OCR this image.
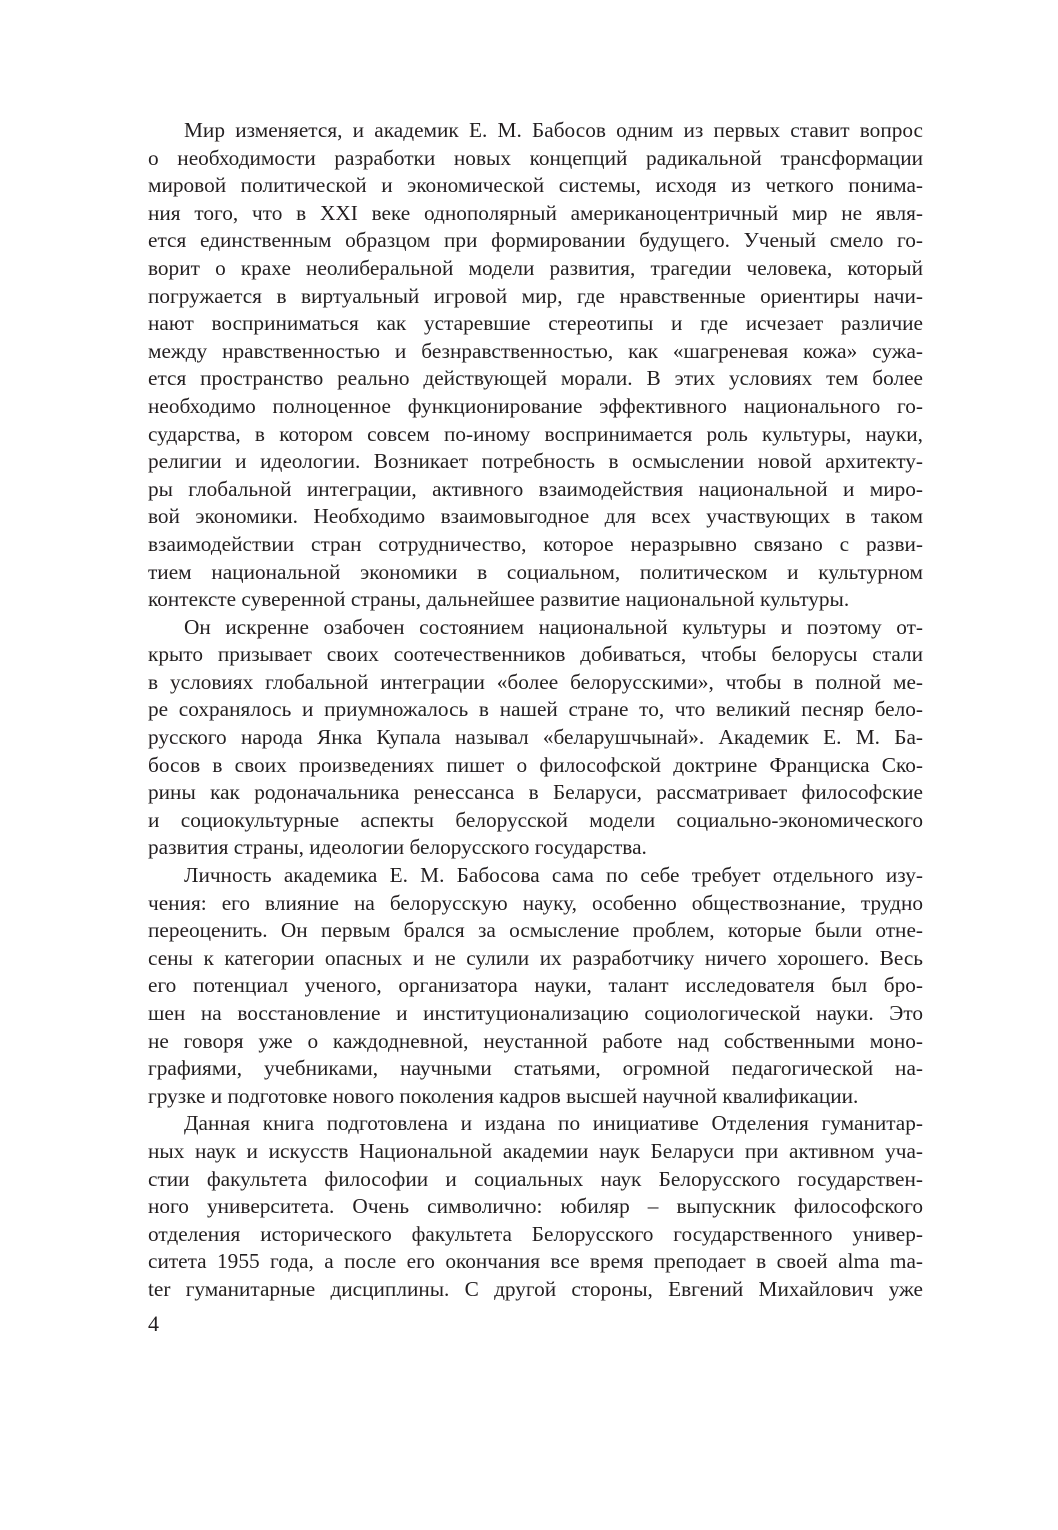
Мир изменяется, и академик Е. М. Бабосов одним из первых ставит вопрос
о необходимости разработки новых концепций радикальной трансформации
мировой политической и экономической системы, исходя из четкого понима-
ния того, что в XXI веке однополярный американоцентричный мир не явля-
ется единственным образцом при формировании будущего. Ученый смело го-
ворит о крахе неолиберальной модели развития, трагедии человека, который
погружается в виртуальный игровой мир, где нравственные ориентиры начи-
нают восприниматься как устаревшие стереотипы и где исчезает различие
между нравственностью и безнравственностью, как «шагреневая кожа» сужа-
ется пространство реально действующей морали. В этих условиях тем более
необходимо полноценное функционирование эффективного национального го-
сударства, в котором совсем по-иному воспринимается роль культуры, науки,
религии и идеологии. Возникает потребность в осмыслении новой архитекту-
ры глобальной интеграции, активного взаимодействия национальной и миро-
вой экономики. Необходимо взаимовыгодное для всех участвующих в таком
взаимодействии стран сотрудничество, которое неразрывно связано с разви-
тием национальной экономики в социальном, политическом и культурном
контексте суверенной страны, дальнейшее развитие национальной культуры.
Он искренне озабочен состоянием национальной культуры и поэтому от-
крыто призывает своих соотечественников добиваться, чтобы белорусы стали
в условиях глобальной интеграции «более белорусскими», чтобы в полной ме-
ре сохранялось и приумножалось в нашей стране то, что великий песняр бело-
русского народа Янка Купала называл «беларушчынай». Академик Е. М. Ба-
босов в своих произведениях пишет о философской доктрине Франциска Ско-
рины как родоначальника ренессанса в Беларуси, рассматривает философские
и социокультурные аспекты белорусской модели социально-экономического
развития страны, идеологии белорусского государства.
Личность академика Е. М. Бабосова сама по себе требует отдельного изу-
чения: его влияние на белорусскую науку, особенно обществознание, трудно
переоценить. Он первым брался за осмысление проблем, которые были отне-
сены к категории опасных и не сулили их разработчику ничего хорошего. Весь
его потенциал ученого, организатора науки, талант исследователя был бро-
шен на восстановление и институционализацию социологической науки. Это
не говоря уже о каждодневной, неустанной работе над собственными моно-
графиями, учебниками, научными статьями, огромной педагогической на-
грузке и подготовке нового поколения кадров высшей научной квалификации.
Данная книга подготовлена и издана по инициативе Отделения гуманитар-
ных наук и искусств Национальной академии наук Беларуси при активном уча-
стии факультета философии и социальных наук Белорусского государствен-
ного университета. Очень символично: юбиляр – выпускник философского
отделения исторического факультета Белорусского государственного универ-
ситета 1955 года, а после его окончания все время преподает в своей alma ma-
ter гуманитарные дисциплины. С другой стороны, Евгений Михайлович уже
4
